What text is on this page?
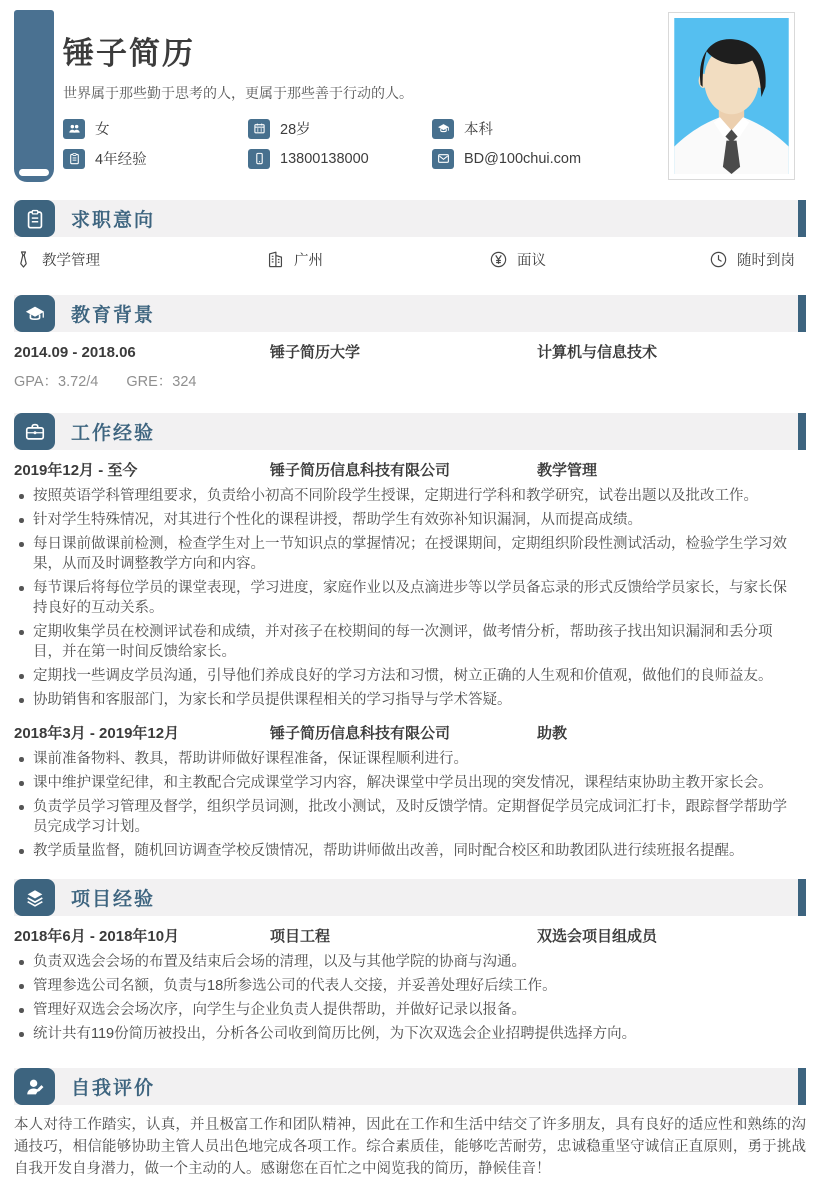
锤子简历
世界属于那些勤于思考的人，更属于那些善于行动的人。
女	28岁	本科
4年经验	13800138000	BD@100chui.com
求职意向
教学管理	广州	面议	随时到岗
教育背景
2014.09 - 2018.06	锤子简历大学	计算机与信息技术
GPA：3.72/4 GRE：324
工作经验
2019年12月 - 至今	锤子简历信息科技有限公司	教学管理
按照英语学科管理组要求，负责给小初高不同阶段学生授课，定期进行学科和教学研究，试卷出题以及批改工作。
针对学生特殊情况，对其进行个性化的课程讲授，帮助学生有效弥补知识漏洞，从而提高成绩。
每日课前做课前检测，检查学生对上一节知识点的掌握情况；在授课期间，定期组织阶段性测试活动，检验学生学习效果，从而及时调整教学方向和内容。
每节课后将每位学员的课堂表现，学习进度，家庭作业以及点滴进步等以学员备忘录的形式反馈给学员家长，与家长保持良好的互动关系。
定期收集学员在校测评试卷和成绩，并对孩子在校期间的每一次测评，做考情分析，帮助孩子找出知识漏洞和丢分项目，并在第一时间反馈给家长。
定期找一些调皮学员沟通，引导他们养成良好的学习方法和习惯，树立正确的人生观和价值观，做他们的良师益友。
协助销售和客服部门，为家长和学员提供课程相关的学习指导与学术答疑。
2018年3月 - 2019年12月	锤子简历信息科技有限公司	助教
课前准备物料、教具，帮助讲师做好课程准备，保证课程顺利进行。
课中维护课堂纪律，和主教配合完成课堂学习内容，解决课堂中学员出现的突发情况，课程结束协助主教开家长会。
负责学员学习管理及督学，组织学员词测，批改小测试，及时反馈学情。定期督促学员完成词汇打卡，跟踪督学帮助学员完成学习计划。
教学质量监督，随机回访调查学校反馈情况，帮助讲师做出改善，同时配合校区和助教团队进行续班报名提醒。
项目经验
2018年6月 - 2018年10月	项目工程	双选会项目组成员
负责双选会会场的布置及结束后会场的清理，以及与其他学院的协商与沟通。
管理参选公司名额，负责与18所参选公司的代表人交接，并妥善处理好后续工作。
管理好双选会会场次序，向学生与企业负责人提供帮助，并做好记录以报备。
统计共有119份简历被投出，分析各公司收到简历比例，为下次双选会企业招聘提供选择方向。
自我评价

本人对待工作踏实，认真，并且极富工作和团队精神，因此在工作和生活中结交了许多朋友，具有良好的适应性和熟练的沟通技巧，相信能够协助主管人员出色地完成各项工作。综合素质佳，能够吃苦耐劳，忠诚稳重坚守诚信正直原则，勇于挑战自我开发自身潜力，做一个主动的人。感谢您在百忙之中阅览我的简历，静候佳音！
